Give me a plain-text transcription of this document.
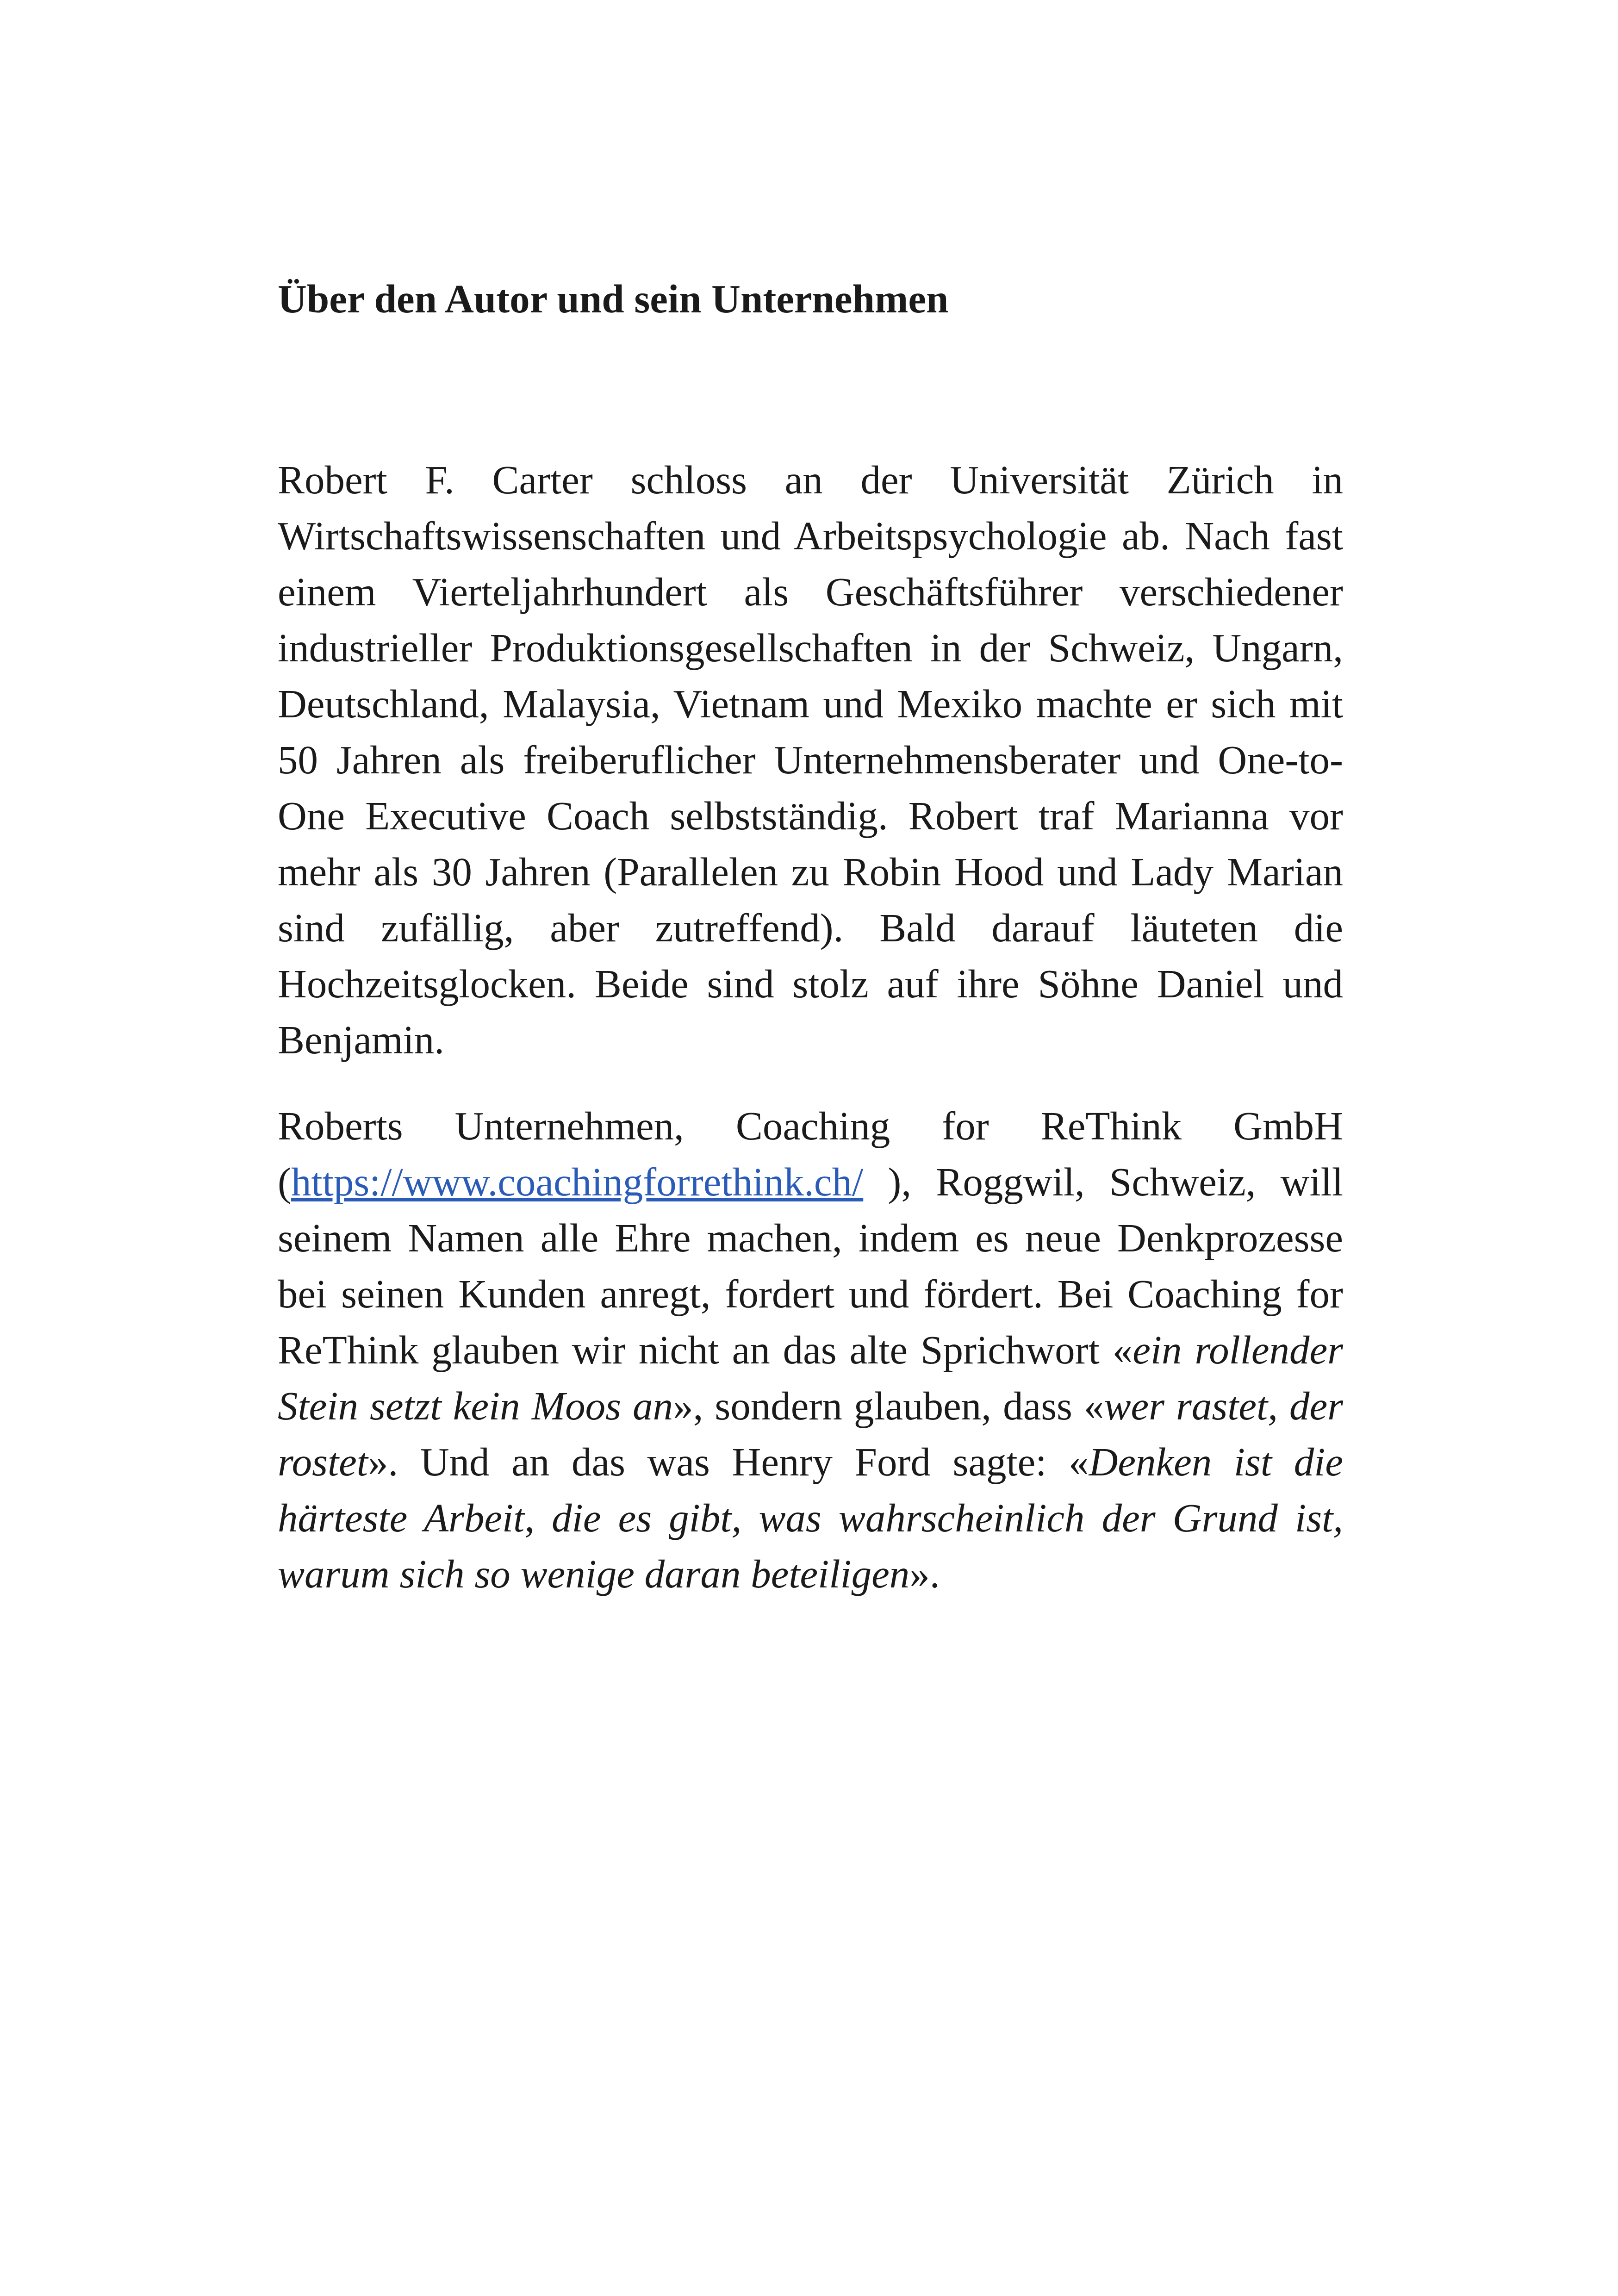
Über den Autor und sein Unternehmen

Robert F. Carter schloss an der Universität Zürich in Wirtschaftswissenschaften und Arbeitspsychologie ab. Nach fast einem Vierteljahrhundert als Geschäftsführer verschiedener industrieller Produktionsgesellschaften in der Schweiz, Ungarn, Deutschland, Malaysia, Vietnam und Mexiko machte er sich mit 50 Jahren als freiberuflicher Unternehmensberater und One-to-One Executive Coach selbstständig. Robert traf Marianna vor mehr als 30 Jahren (Parallelen zu Robin Hood und Lady Marian sind zufällig, aber zutreffend). Bald darauf läuteten die Hochzeitsglocken. Beide sind stolz auf ihre Söhne Daniel und Benjamin.

Roberts Unternehmen, Coaching for ReThink GmbH (https://www.coachingforrethink.ch/ ), Roggwil, Schweiz, will seinem Namen alle Ehre machen, indem es neue Denkprozesse bei seinen Kunden anregt, fordert und fördert. Bei Coaching for ReThink glauben wir nicht an das alte Sprichwort «ein rollender Stein setzt kein Moos an», sondern glauben, dass «wer rastet, der rostet». Und an das was Henry Ford sagte: «Denken ist die härteste Arbeit, die es gibt, was wahrscheinlich der Grund ist, warum sich so wenige daran beteiligen».
